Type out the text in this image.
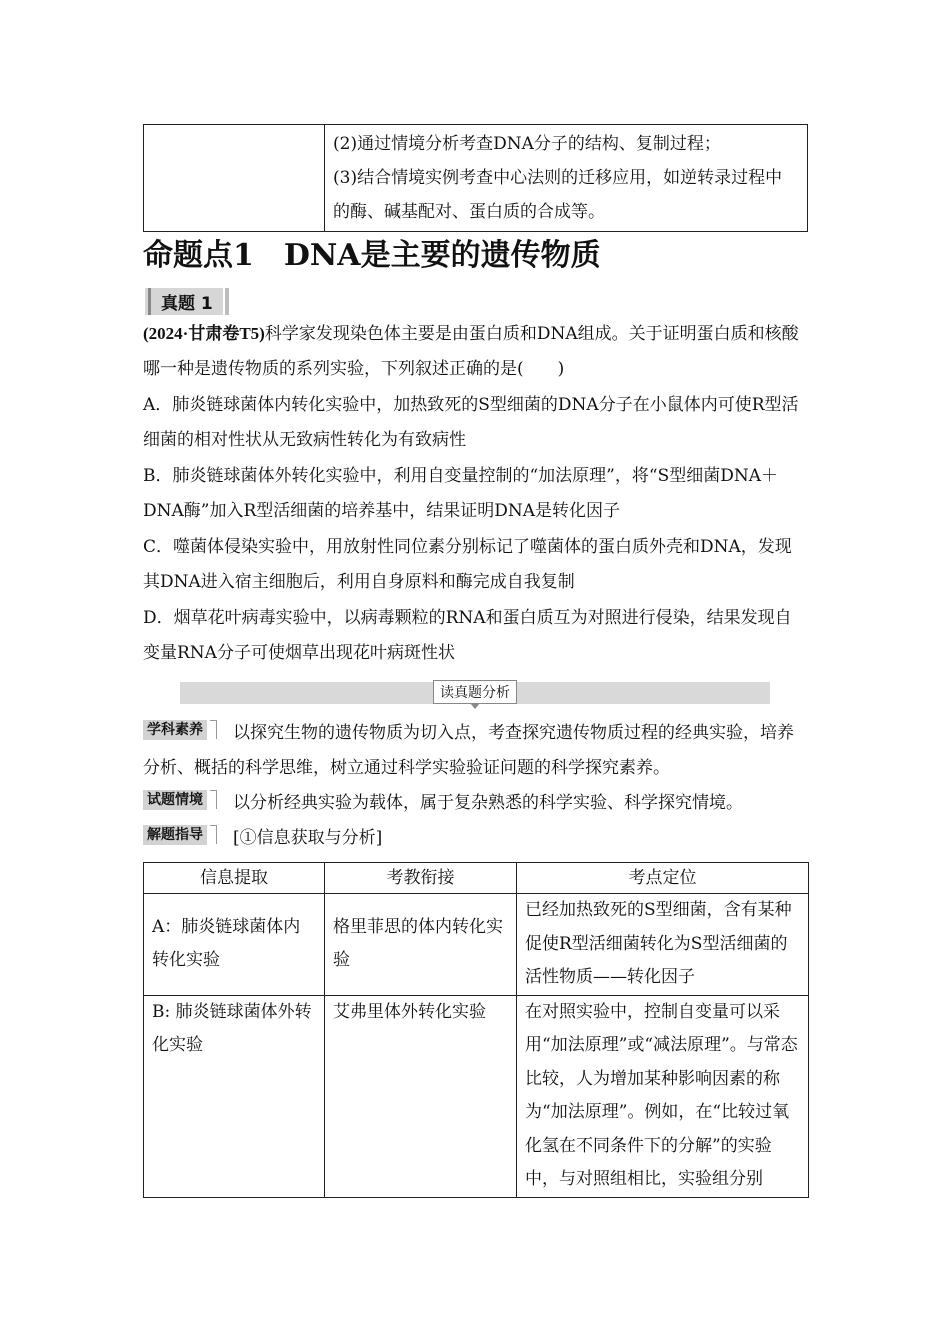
(2)通过情境分析考查DNA分子的结构、复制过程；
(3)结合情境实例考查中心法则的迁移应用，如逆转录过程中的酶、碱基配对、蛋白质的合成等。
命题点1　DNA是主要的遗传物质
真题 1
(2024·甘肃卷T5)科学家发现染色体主要是由蛋白质和DNA组成。关于证明蛋白质和核酸哪一种是遗传物质的系列实验，下列叙述正确的是(　　)
A．肺炎链球菌体内转化实验中，加热致死的S型细菌的DNA分子在小鼠体内可使R型活细菌的相对性状从无致病性转化为有致病性
B．肺炎链球菌体外转化实验中，利用自变量控制的“加法原理”，将“S型细菌DNA＋DNA酶”加入R型活细菌的培养基中，结果证明DNA是转化因子
C．噬菌体侵染实验中，用放射性同位素分别标记了噬菌体的蛋白质外壳和DNA，发现其DNA进入宿主细胞后，利用自身原料和酶完成自我复制
D．烟草花叶病毒实验中，以病毒颗粒的RNA和蛋白质互为对照进行侵染，结果发现自变量RNA分子可使烟草出现花叶病斑性状
读真题分析
学科素养 以探究生物的遗传物质为切入点，考查探究遗传物质过程的经典实验，培养分析、概括的科学思维，树立通过科学实验验证问题的科学探究素养。
试题情境 以分析经典实验为载体，属于复杂熟悉的科学实验、科学探究情境。
解题指导 [①信息获取与分析]
信息提取	考教衔接	考点定位
A：肺炎链球菌体内转化实验	格里菲思的体内转化实验	已经加热致死的S型细菌，含有某种促使R型活细菌转化为S型活细菌的活性物质——转化因子
B: 肺炎链球菌体外转化实验	艾弗里体外转化实验	在对照实验中，控制自变量可以采用“加法原理”或“减法原理”。与常态比较，人为增加某种影响因素的称为“加法原理”。例如，在“比较过氧化氢在不同条件下的分解”的实验中，与对照组相比，实验组分别
